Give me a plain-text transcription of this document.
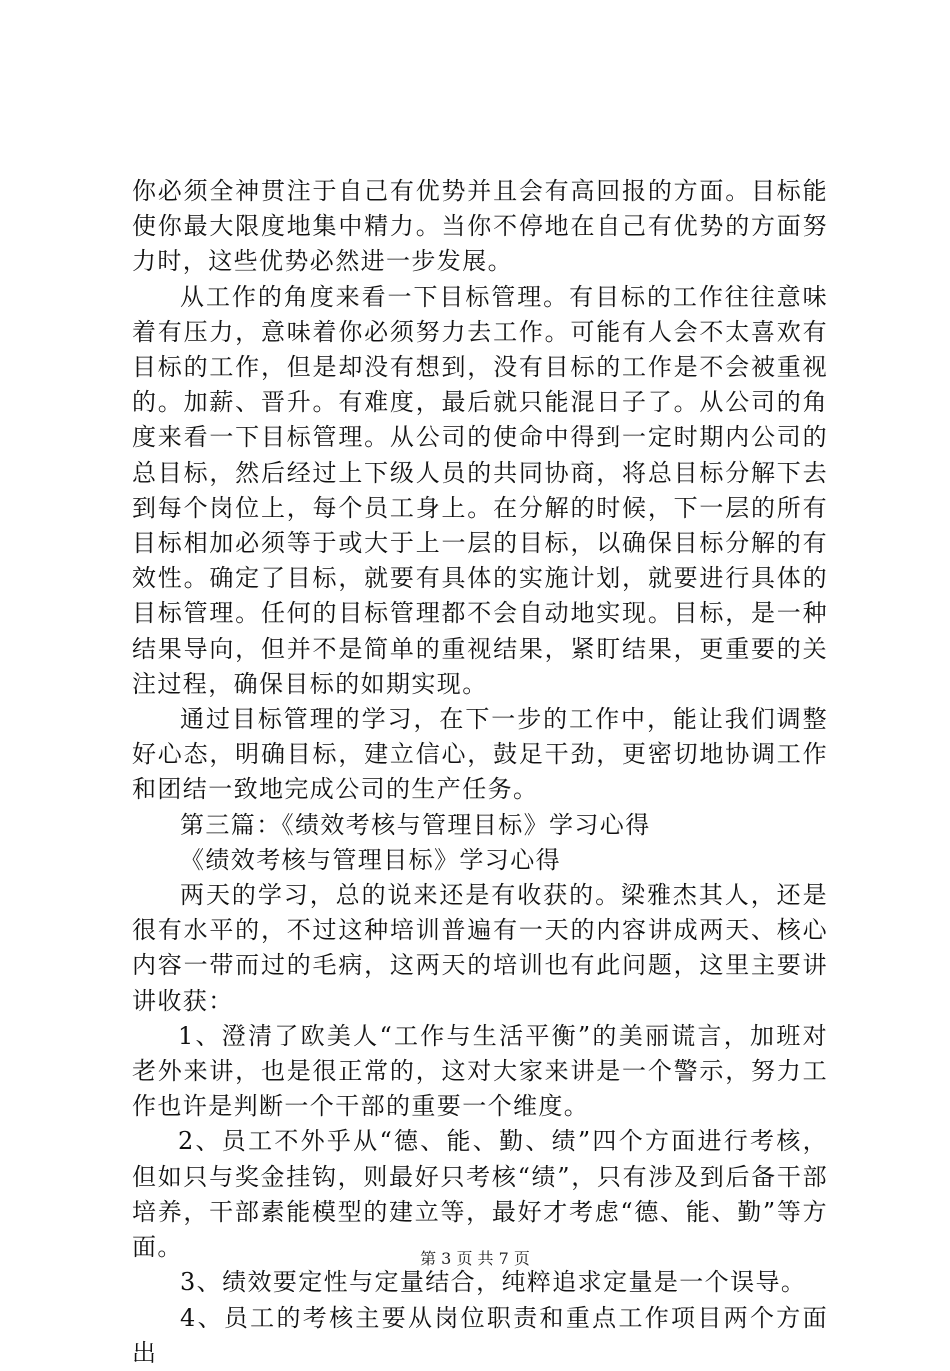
你必须全神贯注于自己有优势并且会有高回报的方面。目标能使你最大限度地集中精力。当你不停地在自己有优势的方面努力时，这些优势必然进一步发展。

从工作的角度来看一下目标管理。有目标的工作往往意味着有压力，意味着你必须努力去工作。可能有人会不太喜欢有目标的工作，但是却没有想到，没有目标的工作是不会被重视的。加薪、晋升。有难度，最后就只能混日子了。从公司的角度来看一下目标管理。从公司的使命中得到一定时期内公司的总目标，然后经过上下级人员的共同协商，将总目标分解下去到每个岗位上，每个员工身上。在分解的时候，下一层的所有目标相加必须等于或大于上一层的目标，以确保目标分解的有效性。确定了目标，就要有具体的实施计划，就要进行具体的目标管理。任何的目标管理都不会自动地实现。目标，是一种结果导向，但并不是简单的重视结果，紧盯结果，更重要的关注过程，确保目标的如期实现。

通过目标管理的学习，在下一步的工作中，能让我们调整好心态，明确目标，建立信心，鼓足干劲，更密切地协调工作和团结一致地完成公司的生产任务。

第三篇：《绩效考核与管理目标》学习心得

《绩效考核与管理目标》学习心得

两天的学习，总的说来还是有收获的。梁雅杰其人，还是很有水平的，不过这种培训普遍有一天的内容讲成两天、核心内容一带而过的毛病，这两天的培训也有此问题，这里主要讲讲收获：

1、澄清了欧美人“工作与生活平衡”的美丽谎言，加班对老外来讲，也是很正常的，这对大家来讲是一个警示，努力工作也许是判断一个干部的重要一个维度。

2、员工不外乎从“德、能、勤、绩”四个方面进行考核，但如只与奖金挂钩，则最好只考核“绩”，只有涉及到后备干部培养，干部素能模型的建立等，最好才考虑“德、能、勤”等方面。

3、绩效要定性与定量结合，纯粹追求定量是一个误导。

4、员工的考核主要从岗位职责和重点工作项目两个方面出

第 3 页 共 7 页
